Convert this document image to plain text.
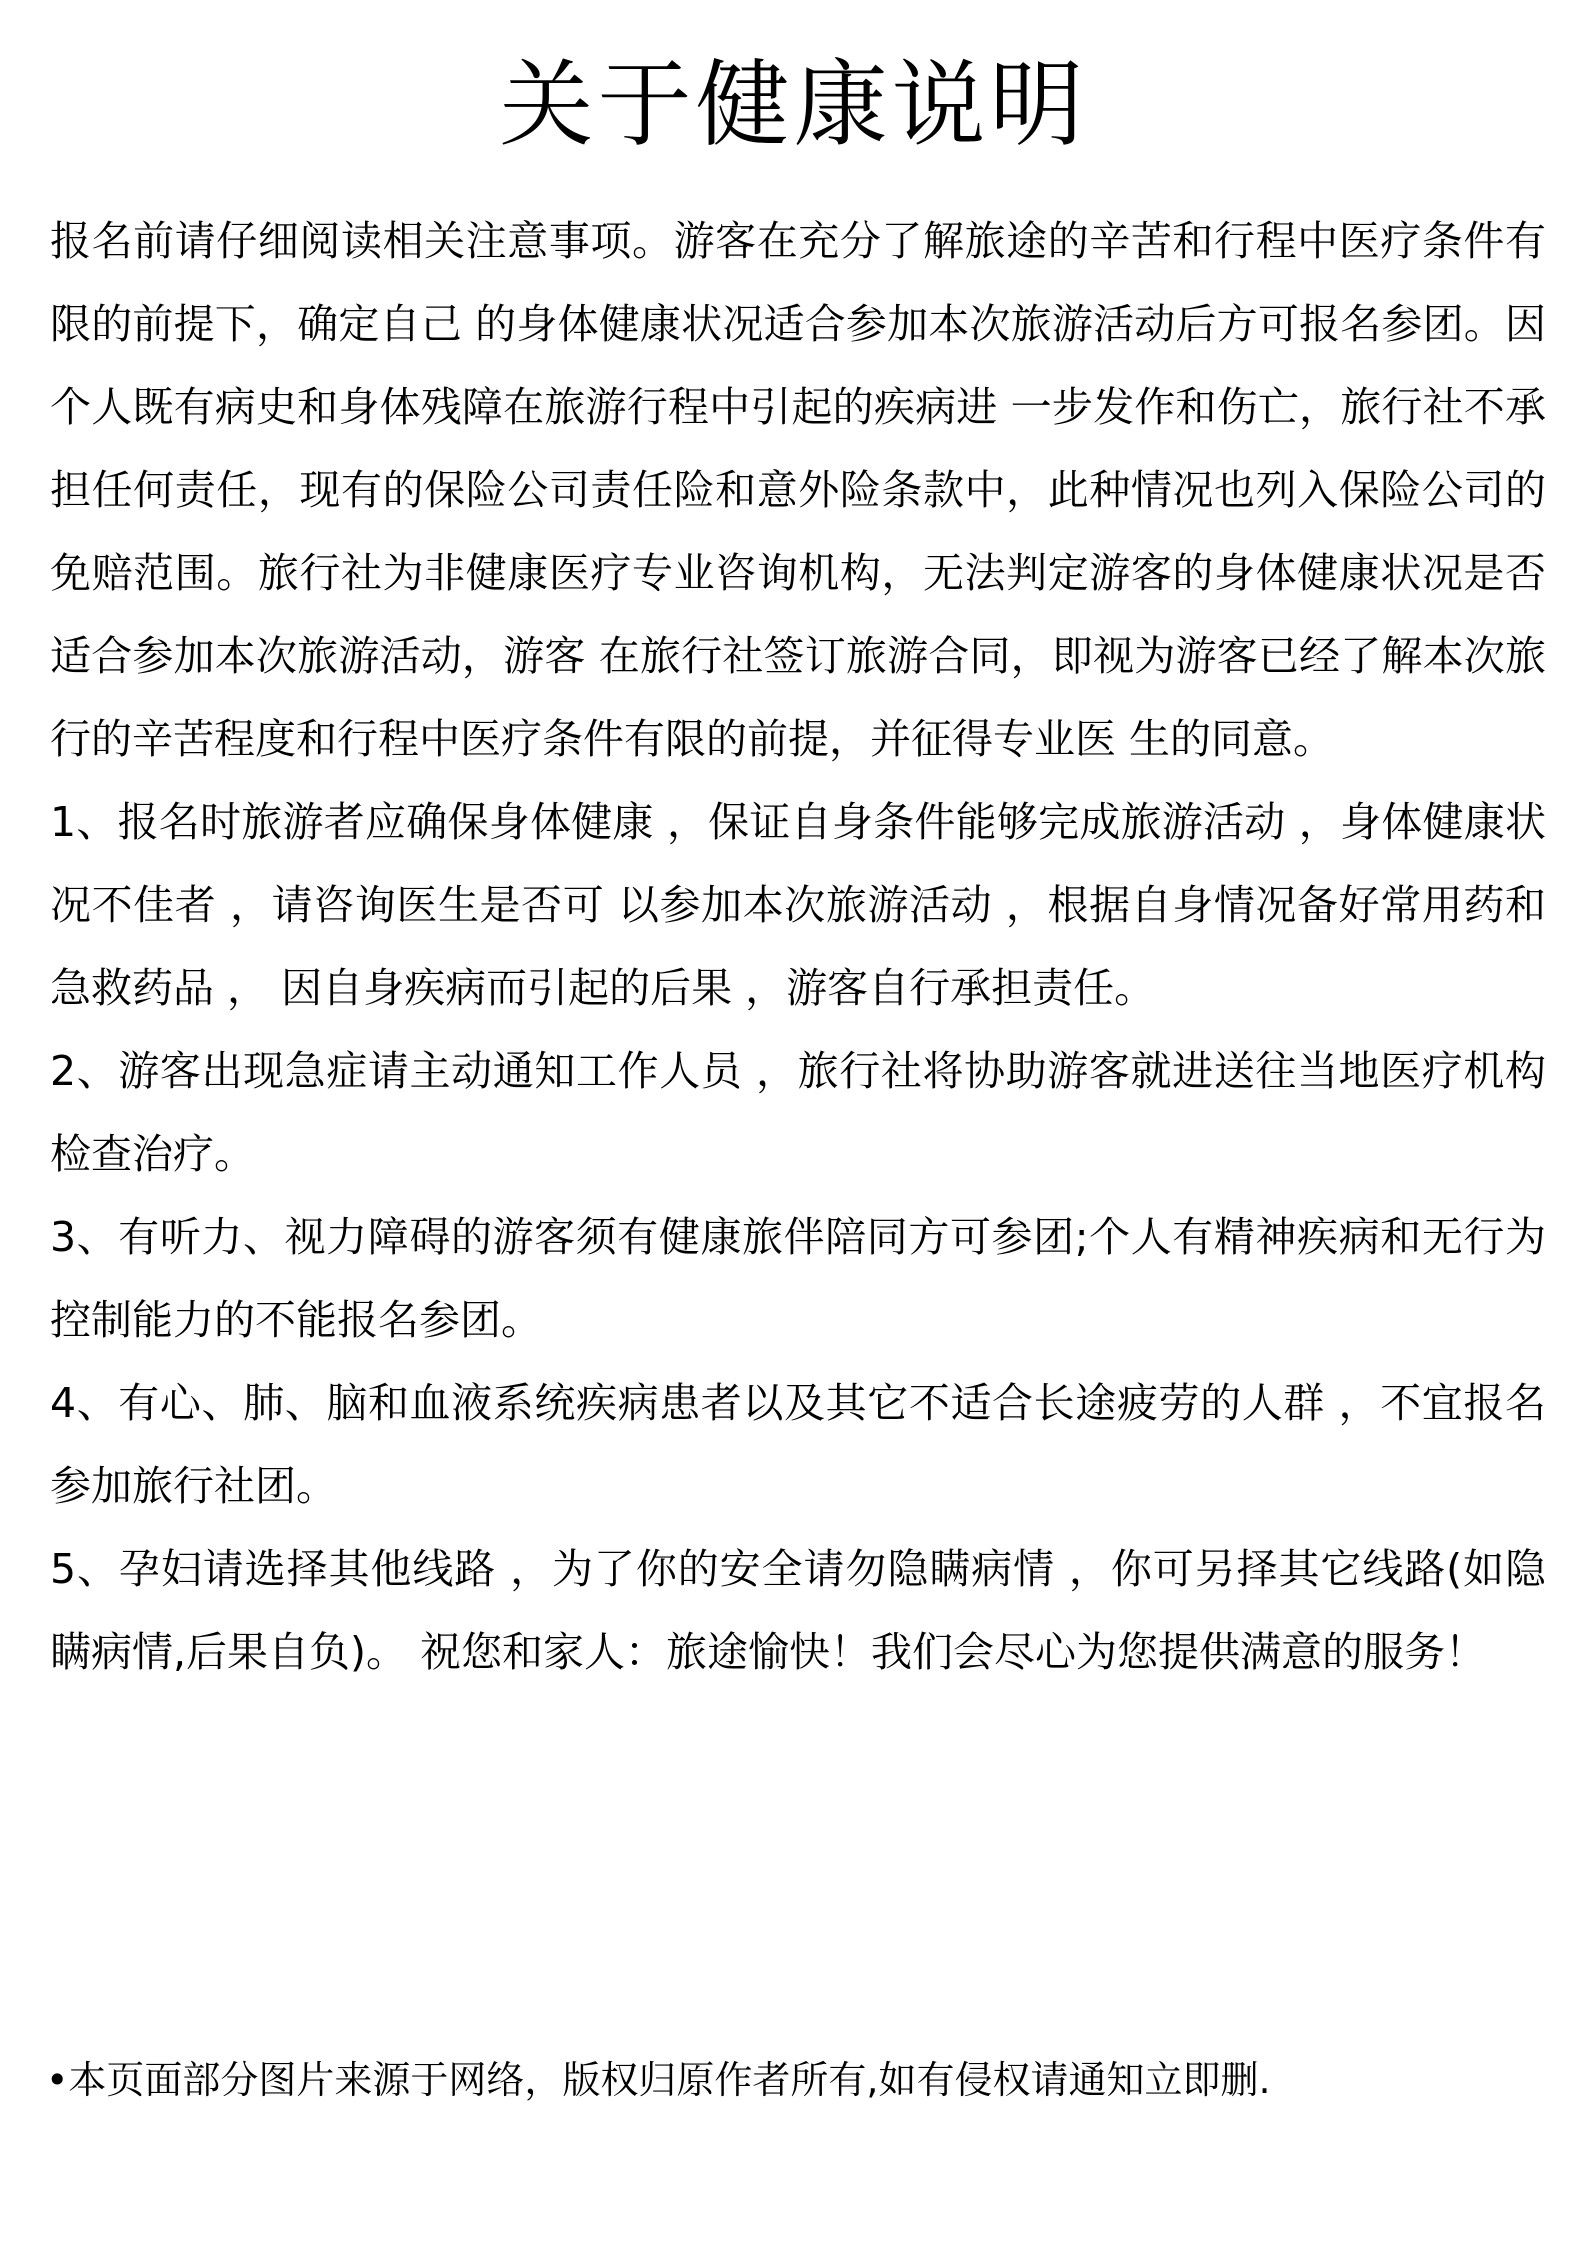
关于健康说明

报名前请仔细阅读相关注意事项。游客在充分了解旅途的辛苦和行程中医疗条件有限的前提下，确定自己 的身体健康状况适合参加本次旅游活动后方可报名参团。因个人既有病史和身体残障在旅游行程中引起的疾病进 一步发作和伤亡，旅行社不承担任何责任，现有的保险公司责任险和意外险条款中，此种情况也列入保险公司的 免赔范围。旅行社为非健康医疗专业咨询机构，无法判定游客的身体健康状况是否适合参加本次旅游活动，游客 在旅行社签订旅游合同，即视为游客已经了解本次旅行的辛苦程度和行程中医疗条件有限的前提，并征得专业医 生的同意。

1、报名时旅游者应确保身体健康 ，保证自身条件能够完成旅游活动 ，身体健康状况不佳者 ，请咨询医生是否可 以参加本次旅游活动 ，根据自身情况备好常用药和急救药品 ， 因自身疾病而引起的后果 ，游客自行承担责任。

2、游客出现急症请主动通知工作人员 ，旅行社将协助游客就进送往当地医疗机构检查治疗。

3、有听力、视力障碍的游客须有健康旅伴陪同方可参团;个人有精神疾病和无行为控制能力的不能报名参团。

4、有心、肺、脑和血液系统疾病患者以及其它不适合长途疲劳的人群 ，不宜报名参加旅行社团。

5、孕妇请选择其他线路 ，为了你的安全请勿隐瞒病情 ，你可另择其它线路(如隐瞒病情,后果自负)。 祝您和家人：旅途愉快！我们会尽心为您提供满意的服务！

•本页面部分图片来源于网络，版权归原作者所有,如有侵权请通知立即删.
